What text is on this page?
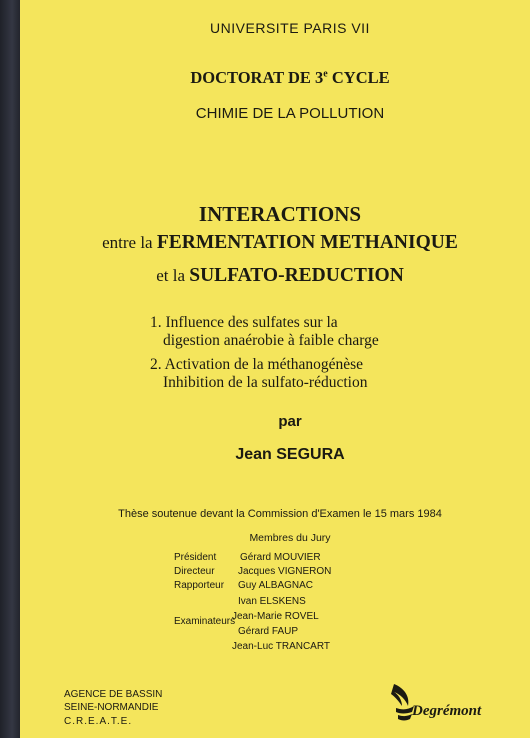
UNIVERSITE PARIS VII
DOCTORAT DE 3e CYCLE
CHIMIE DE LA POLLUTION
INTERACTIONS
entre la FERMENTATION METHANIQUE
et la SULFATO-REDUCTION
1. Influence des sulfates sur la
digestion anaérobie à faible charge
2. Activation de la méthanogénèse
Inhibition de la sulfato-réduction
par
Jean SEGURA
Thèse soutenue devant la Commission d'Examen le 15 mars 1984
Membres du Jury
Président Gérard MOUVIER
Directeur Jacques VIGNERON
Rapporteur Guy ALBAGNAC
Ivan ELSKENS
Jean-Marie ROVEL
Examinateurs
Gérard FAUP
Jean-Luc TRANCART
AGENCE DE BASSIN
SEINE-NORMANDIE
C.R.E.A.T.E.
Degrémont
